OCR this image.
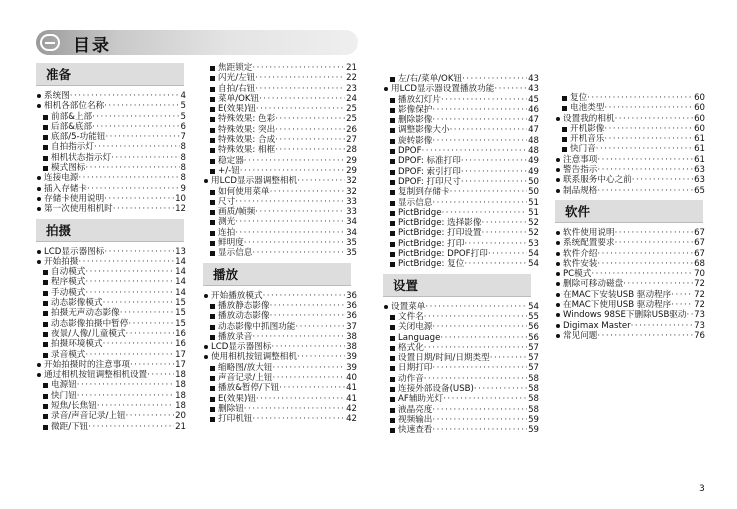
目录
准备
系统图 ·····	4
相机各部位名称 ·····	5
前部&上部 ·····	5
后部&底部 ·····	6
底部/5-功能钮 ·····	7
自拍指示灯 ·····	8
相机状态指示灯 ·····	8
模式图标 ·····	8
连接电源 ·····	8
插入存储卡 ·····	9
存储卡使用说明 ·····	10
第一次使用相机时 ·····	12
拍摄
LCD显示器图标 ·····	13
开始拍摄 ·····	14
自动模式 ·····	14
程序模式 ·····	14
手动模式 ·····	14
动态影像模式 ·····	15
拍摄无声动态影像 ·····	15
动态影像拍摄中暂停 ·····	15
夜景/人像/儿童模式 ·····	16
拍摄环境模式 ·····	16
录音模式 ·····	17
开始拍摄时的注意事项 ·····	17
通过相机按钮调整相机设置 ·····	18
电源钮 ·····	18
快门钮 ·····	18
短焦/长焦钮 ·····	18
录音/声音记录/上钮 ·····	20
微距/下钮 ·····	21
焦距锁定 ·····	21
闪光/左钮 ·····	22
自拍/右钮 ·····	23
菜单/OK钮 ·····	24
E(效果)钮 ·····	25
特殊效果: 色彩 ·····	25
特殊效果: 突出 ·····	26
特殊效果: 合成 ·····	27
特殊效果: 相框 ·····	28
稳定器 ·····	29
+/-钮 ·····	29
用LCD显示器调整相机 ·····	32
如何使用菜单 ·····	32
尺寸 ·····	33
画质/帧频 ·····	33
测光 ·····	34
连拍 ·····	34
鲜明度 ·····	35
显示信息 ·····	35
播放
开始播放模式 ·····	36
播放静态影像 ·····	36
播放动态影像 ·····	36
动态影像中抓图功能 ·····	37
播放录音 ·····	38
LCD显示器图标 ·····	38
使用相机按钮调整相机 ·····	39
缩略图/放大钮 ·····	39
声音记录/上钮 ·····	40
播放&暂停/下钮 ·····	41
E(效果)钮 ·····	41
删除钮 ·····	42
打印机钮 ·····	42
左/右/菜单/OK钮 ·····	43
用LCD显示器设置播放功能 ·····	43
播放幻灯片 ·····	45
影像保护 ·····	46
删除影像 ·····	47
调整影像大小 ·····	47
旋转影像 ·····	48
DPOF ·····	48
DPOF: 标准打印 ·····	49
DPOF: 索引打印 ·····	49
DPOF: 打印尺寸 ·····	50
复制到存储卡 ·····	50
显示信息 ·····	51
PictBridge ·····	51
PictBridge: 选择影像 ·····	52
PictBridge: 打印设置 ·····	52
PictBridge: 打印 ·····	53
PictBridge: DPOF打印 ·····	54
PictBridge: 复位 ·····	54
设置
设置菜单 ·····	54
文件名 ·····	55
关闭电源 ·····	56
Language ·····	56
格式化 ·····	57
设置日期/时间/日期类型 ·····	57
日期打印 ·····	57
动作音 ·····	58
连接外部设备(USB) ·····	58
AF辅助光灯 ·····	58
液晶亮度 ·····	58
视频输出 ·····	59
快速查看 ·····	59
复位 ·····	60
电池类型 ·····	60
设置我的相机 ·····	60
开机影像 ·····	60
开机音乐 ·····	61
快门音 ·····	61
注意事项 ·····	61
警告指示 ·····	63
联系服务中心之前 ·····	63
制品规格 ·····	65
软件
软件使用说明 ·····	67
系统配置要求 ·····	67
软件介绍 ·····	67
软件安装 ·····	68
PC模式 ·····	70
删除可移动磁盘 ·····	72
在MAC下安装USB 驱动程序 ·····	72
在MAC下使用USB 驱动程序 ·····	72
Windows 98SE下删除USB驱动 ····· 73
Digimax Master ·····	73
常见问题 ·····	76
3
